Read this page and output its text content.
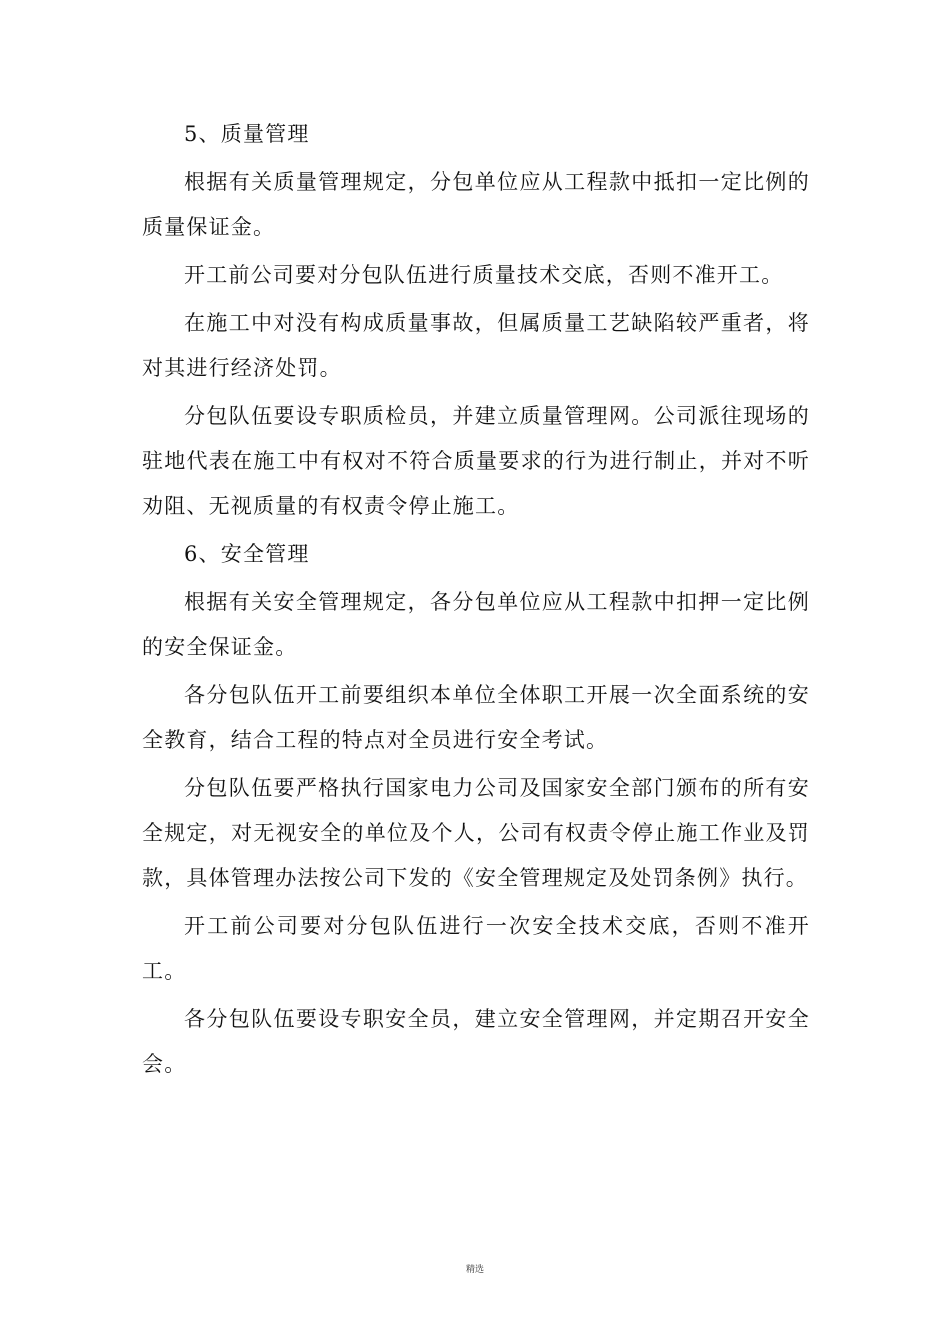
5、质量管理

根据有关质量管理规定，分包单位应从工程款中抵扣一定比例的质量保证金。

开工前公司要对分包队伍进行质量技术交底，否则不准开工。

在施工中对没有构成质量事故，但属质量工艺缺陷较严重者，将对其进行经济处罚。

分包队伍要设专职质检员，并建立质量管理网。公司派往现场的驻地代表在施工中有权对不符合质量要求的行为进行制止，并对不听劝阻、无视质量的有权责令停止施工。

6、安全管理

根据有关安全管理规定，各分包单位应从工程款中扣押一定比例的安全保证金。

各分包队伍开工前要组织本单位全体职工开展一次全面系统的安全教育，结合工程的特点对全员进行安全考试。

分包队伍要严格执行国家电力公司及国家安全部门颁布的所有安全规定，对无视安全的单位及个人，公司有权责令停止施工作业及罚款，具体管理办法按公司下发的《安全管理规定及处罚条例》执行。

开工前公司要对分包队伍进行一次安全技术交底，否则不准开工。

各分包队伍要设专职安全员，建立安全管理网，并定期召开安全会。

精选
